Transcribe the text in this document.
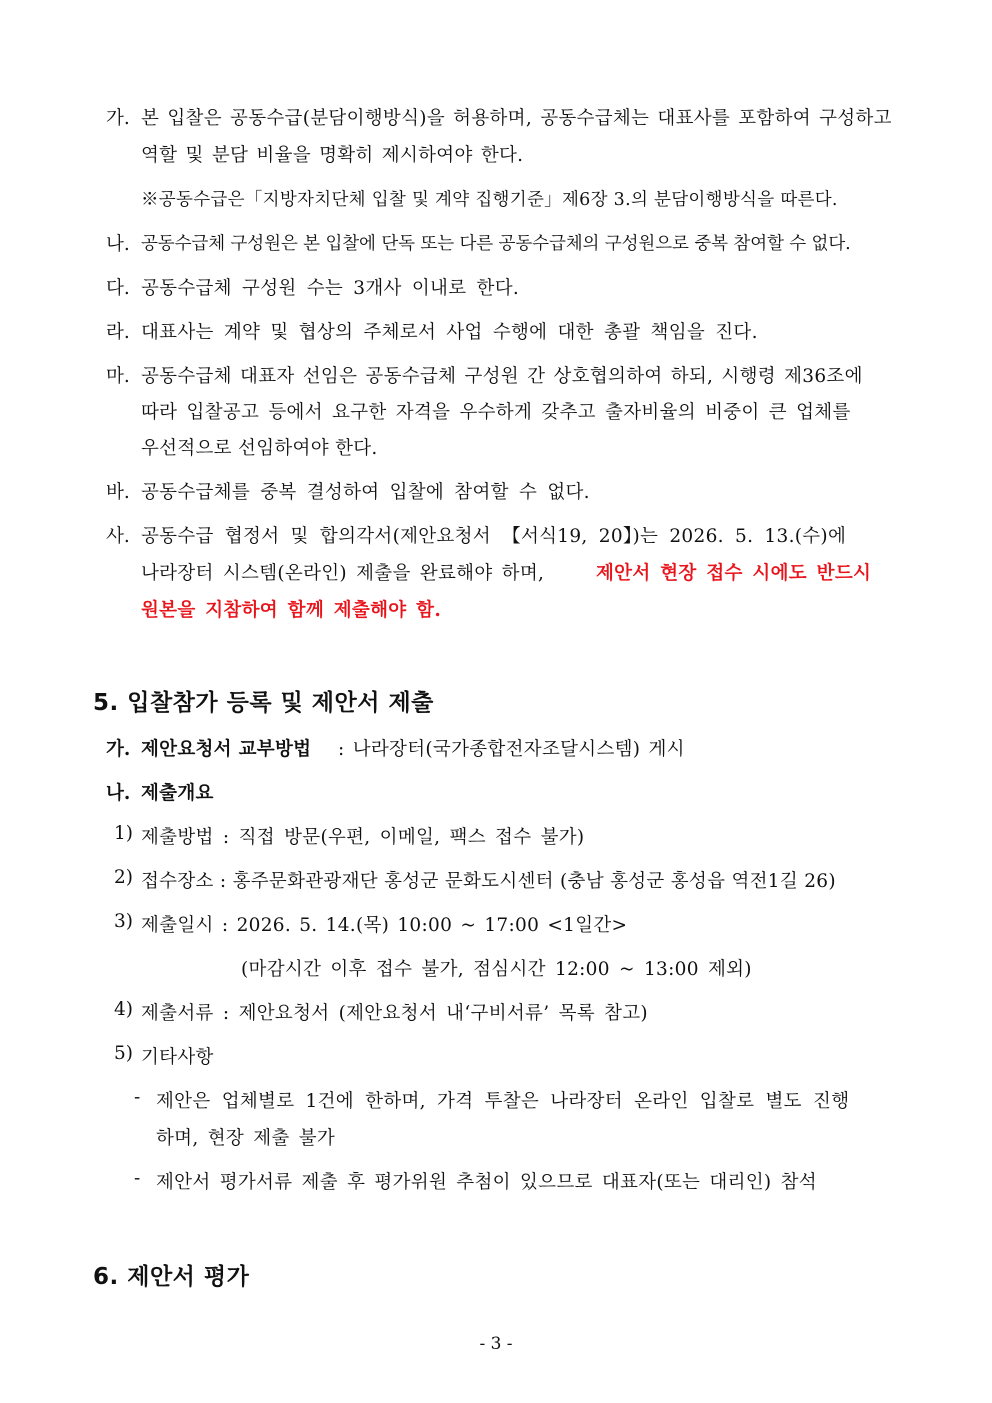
가. 본 입찰은 공동수급(분담이행방식)을 허용하며, 공동수급체는 대표사를 포함하여 구성하고
역할 및 분담 비율을 명확히 제시하여야 한다.
※공동수급은「지방자치단체 입찰 및 계약 집행기준」제6장 3.의 분담이행방식을 따른다.
나. 공동수급체 구성원은 본 입찰에 단독 또는 다른 공동수급체의 구성원으로 중복 참여할 수 없다.
다. 공동수급체 구성원 수는 3개사 이내로 한다.
라. 대표사는 계약 및 협상의 주체로서 사업 수행에 대한 총괄 책임을 진다.
마. 공동수급체 대표자 선임은 공동수급체 구성원 간 상호협의하여 하되, 시행령 제36조에
따라 입찰공고 등에서 요구한 자격을 우수하게 갖추고 출자비율의 비중이 큰 업체를
우선적으로 선임하여야 한다.
바. 공동수급체를 중복 결성하여 입찰에 참여할 수 없다.
사. 공동수급 협정서 및 합의각서(제안요청서 【서식19, 20】)는 2026. 5. 13.(수)에
나라장터 시스템(온라인) 제출을 완료해야 하며,	제안서 현장 접수 시에도 반드시
원본을 지참하여 함께 제출해야 함.
5. 입찰참가 등록 및 제안서 제출
가. 제안요청서 교부방법 : 나라장터(국가종합전자조달시스템) 게시
나. 제출개요
1) 제출방법 : 직접 방문(우편, 이메일, 팩스 접수 불가)
2) 접수장소 : 홍주문화관광재단 홍성군 문화도시센터 (충남 홍성군 홍성읍 역전1길 26)
3) 제출일시 : 2026. 5. 14.(목) 10:00 ~ 17:00 <1일간>
(마감시간 이후 접수 불가, 점심시간 12:00 ~ 13:00 제외)
4) 제출서류 : 제안요청서 (제안요청서 내‘구비서류’ 목록 참고)
5) 기타사항
- 제안은 업체별로 1건에 한하며, 가격 투찰은 나라장터 온라인 입찰로 별도 진행
하며, 현장 제출 불가
- 제안서 평가서류 제출 후 평가위원 추첨이 있으므로 대표자(또는 대리인) 참석
6. 제안서 평가
- 3 -
